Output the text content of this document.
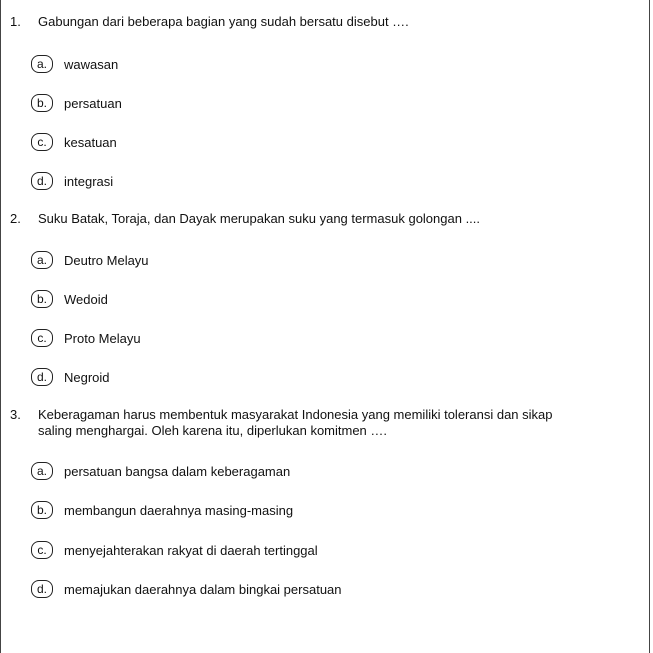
1. Gabungan dari beberapa bagian yang sudah bersatu disebut ….
a.	wawasan
b.	persatuan
c.	kesatuan
d.	integrasi
2. Suku Batak, Toraja, dan Dayak merupakan suku yang termasuk golongan ....
a.	Deutro Melayu
b.	Wedoid
c.	Proto Melayu
d.	Negroid
3. Keberagaman harus membentuk masyarakat Indonesia yang memiliki toleransi dan sikap saling menghargai. Oleh karena itu, diperlukan komitmen ….
a.	persatuan bangsa dalam keberagaman
b.	membangun daerahnya masing-masing
c.	menyejahterakan rakyat di daerah tertinggal
d.	memajukan daerahnya dalam bingkai persatuan
